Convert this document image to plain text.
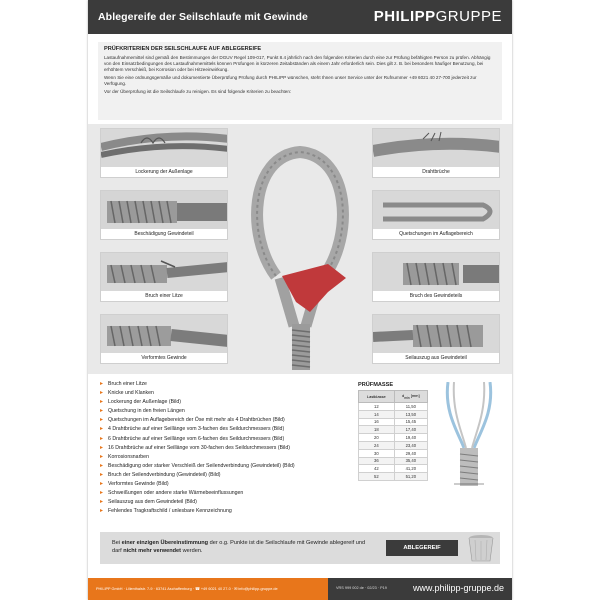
Ablegereife der Seilschlaufe mit Gewinde	PHILIPPGRUPPE
PRÜFKRITERIEN DER SEILSCHLAUFE AUF ABLEGEREIFE

Lastaufnahmemittel sind gemäß den Bestimmungen der DGUV Regel 109-017, Punkt 8.4 jährlich nach den folgenden Kriterien durch eine zur Prüfung befähigten Person zu prüfen. Abhängig von den Einsatzbedingungen des Lastaufnahmemittels können Prüfungen in kürzeren Zeitabständen als einem Jahr erforderlich sein. Dies gilt z. B. bei besonders häufiger Benutzung, bei erhöhtem Verschleiß, bei Korrosion oder bei Hitzeeinwirkung.

Wenn Sie eine ordnungsgemäße und dokumentierte Überprüfung Prüfung durch PHILIPP wünschen, steht Ihnen unser Service unter der Rufnummer +49 6021 40 27-700 jederzeit zur Verfügung.

Vor der Überprüfung ist die Seilschlaufe zu reinigen. Es sind folgende Kriterien zu beachten:

Lockerung der Außenlage
Beschädigung Gewindeteil
Bruch einer Litze
Verformtes Gewinde
Drahtbrüche
Quetschungen im Auflagebereich
Bruch des Gewindeteils
Seilauszug aus Gewindeteil
▸ Bruch einer Litze
▸ Knicke und Klanken
▸ Lockerung der Außenlage (Bild)
▸ Quetschung in den freien Längen
▸ Quetschungen im Auflagebereich der Öse mit mehr als 4 Drahtbrüchen (Bild)
▸ 4 Drahtbrüche auf einer Seillänge vom 3-fachen des Seildurchmessers (Bild)
▸ 6 Drahtbrüche auf einer Seillänge vom 6-fachen des Seildurchmessers (Bild)
▸ 16 Drahtbrüche auf einer Seillänge vom 30-fachen des Seildurchmessers (Bild)
▸ Korrosionsnarben
▸ Beschädigung oder starker Verschleiß der Seilendverbindung (Gewindeteil) (Bild)
▸ Bruch der Seilendverbindung (Gewindeteil) (Bild)
▸ Verformtes Gewinde (Bild)
▸ Schweißungen oder andere starke Wärmebeeinflussungen
▸ Seilauszug aus dem Gewindeteil (Bild)
▸ Fehlendes Tragkraftschild / unlesbare Kennzeichnung
PRÜFMASSE
Lastklasse	$d_{min}$ [mm]
12	11,50
14	13,50
16	15,45
18	17,40
20	19,40
24	23,40
30	29,40
36	35,40
42	41,20
52	51,20
Bei einer einzigen Übereinstimmung der o.g. Punkte ist die Seilschlaufe mit Gewinde ablegereif und darf nicht mehr verwendet werden.	ABLEGEREIF
PHILIPP GmbH · Lilienthalstr. 7-9 · 63741 Aschaffenburg · ☎ +49 6021 40 27-0 · ✉ info@philipp-gruppe.de	VRS 999 002 de · 02/23 · P19	www.philipp-gruppe.de
